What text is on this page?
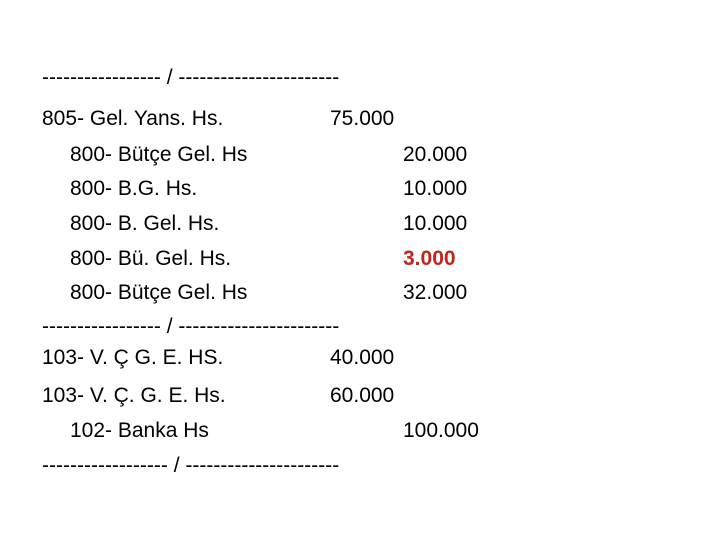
----------------- / -----------------------
805- Gel. Yans. Hs.	75.000
800- Bütçe Gel. Hs	20.000
800- B.G. Hs.	10.000
800- B. Gel. Hs.	10.000
800- Bü. Gel. Hs.	3.000
800- Bütçe Gel. Hs	32.000
----------------- / -----------------------
103- V. Ç G. E. HS.	40.000
103- V. Ç. G. E. Hs.	60.000
102- Banka Hs	100.000
------------------ / ----------------------
